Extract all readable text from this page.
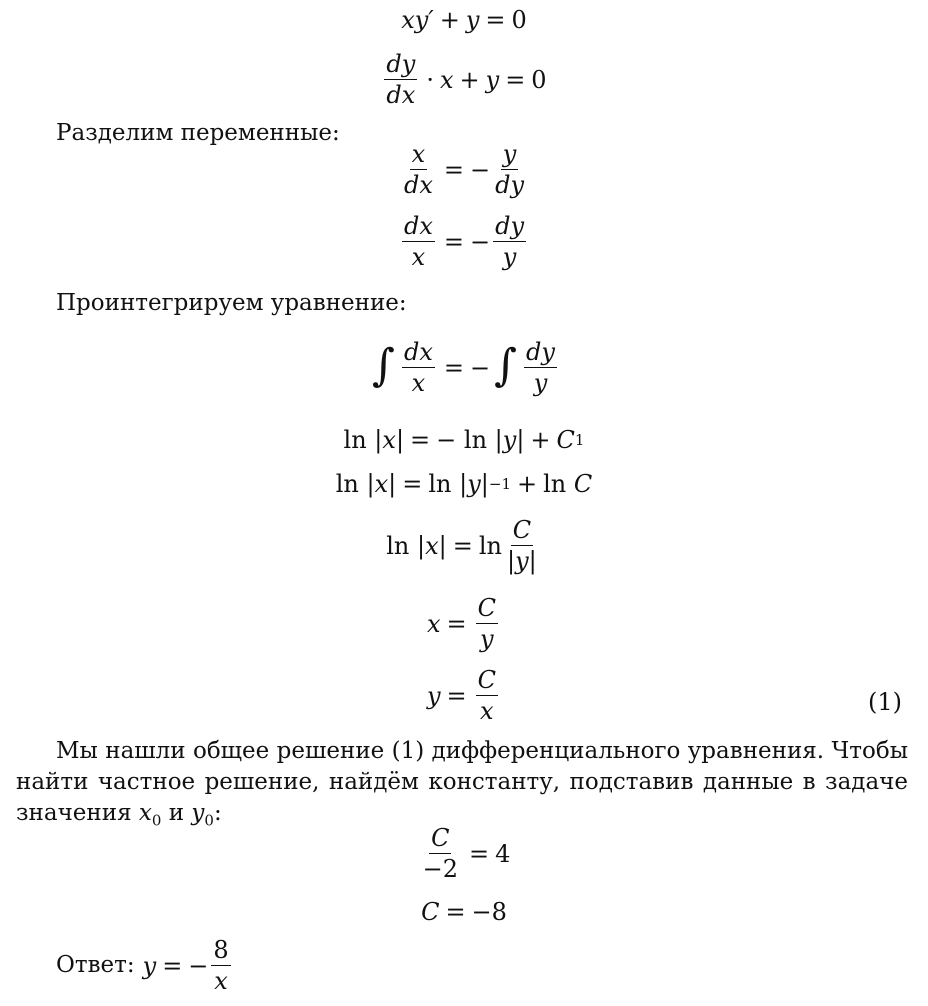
xy′ + y = 0
$\frac{dy}{dx} \cdot x + y = 0$
Разделим переменные:
$\frac{x}{dx}$ = − $\frac{y}{dy}$
$\frac{dx}{x}$ = − $\frac{dy}{y}$
Проинтегрируем уравнение:
∫ $\frac{dx}{x}$ = − ∫ $\frac{dy}{y}$
ln | x | = − ln | y | + C 1
ln | x | = ln | y | −1 + ln C
ln | x | = $\ln \frac{C}{|y|}$
$x = \frac{C}{y}$
$y = \frac{C}{x}$	(1)
Мы нашли общее решение (1) дифференциального уравнения. Чтобы найти частное решение, найдём константу, подставив данные в задаче значения $x_0$ и $y_0$:
$\frac{C}{-2} = 4$
C = −8
Ответ: y = − $\frac{8}{x}$
